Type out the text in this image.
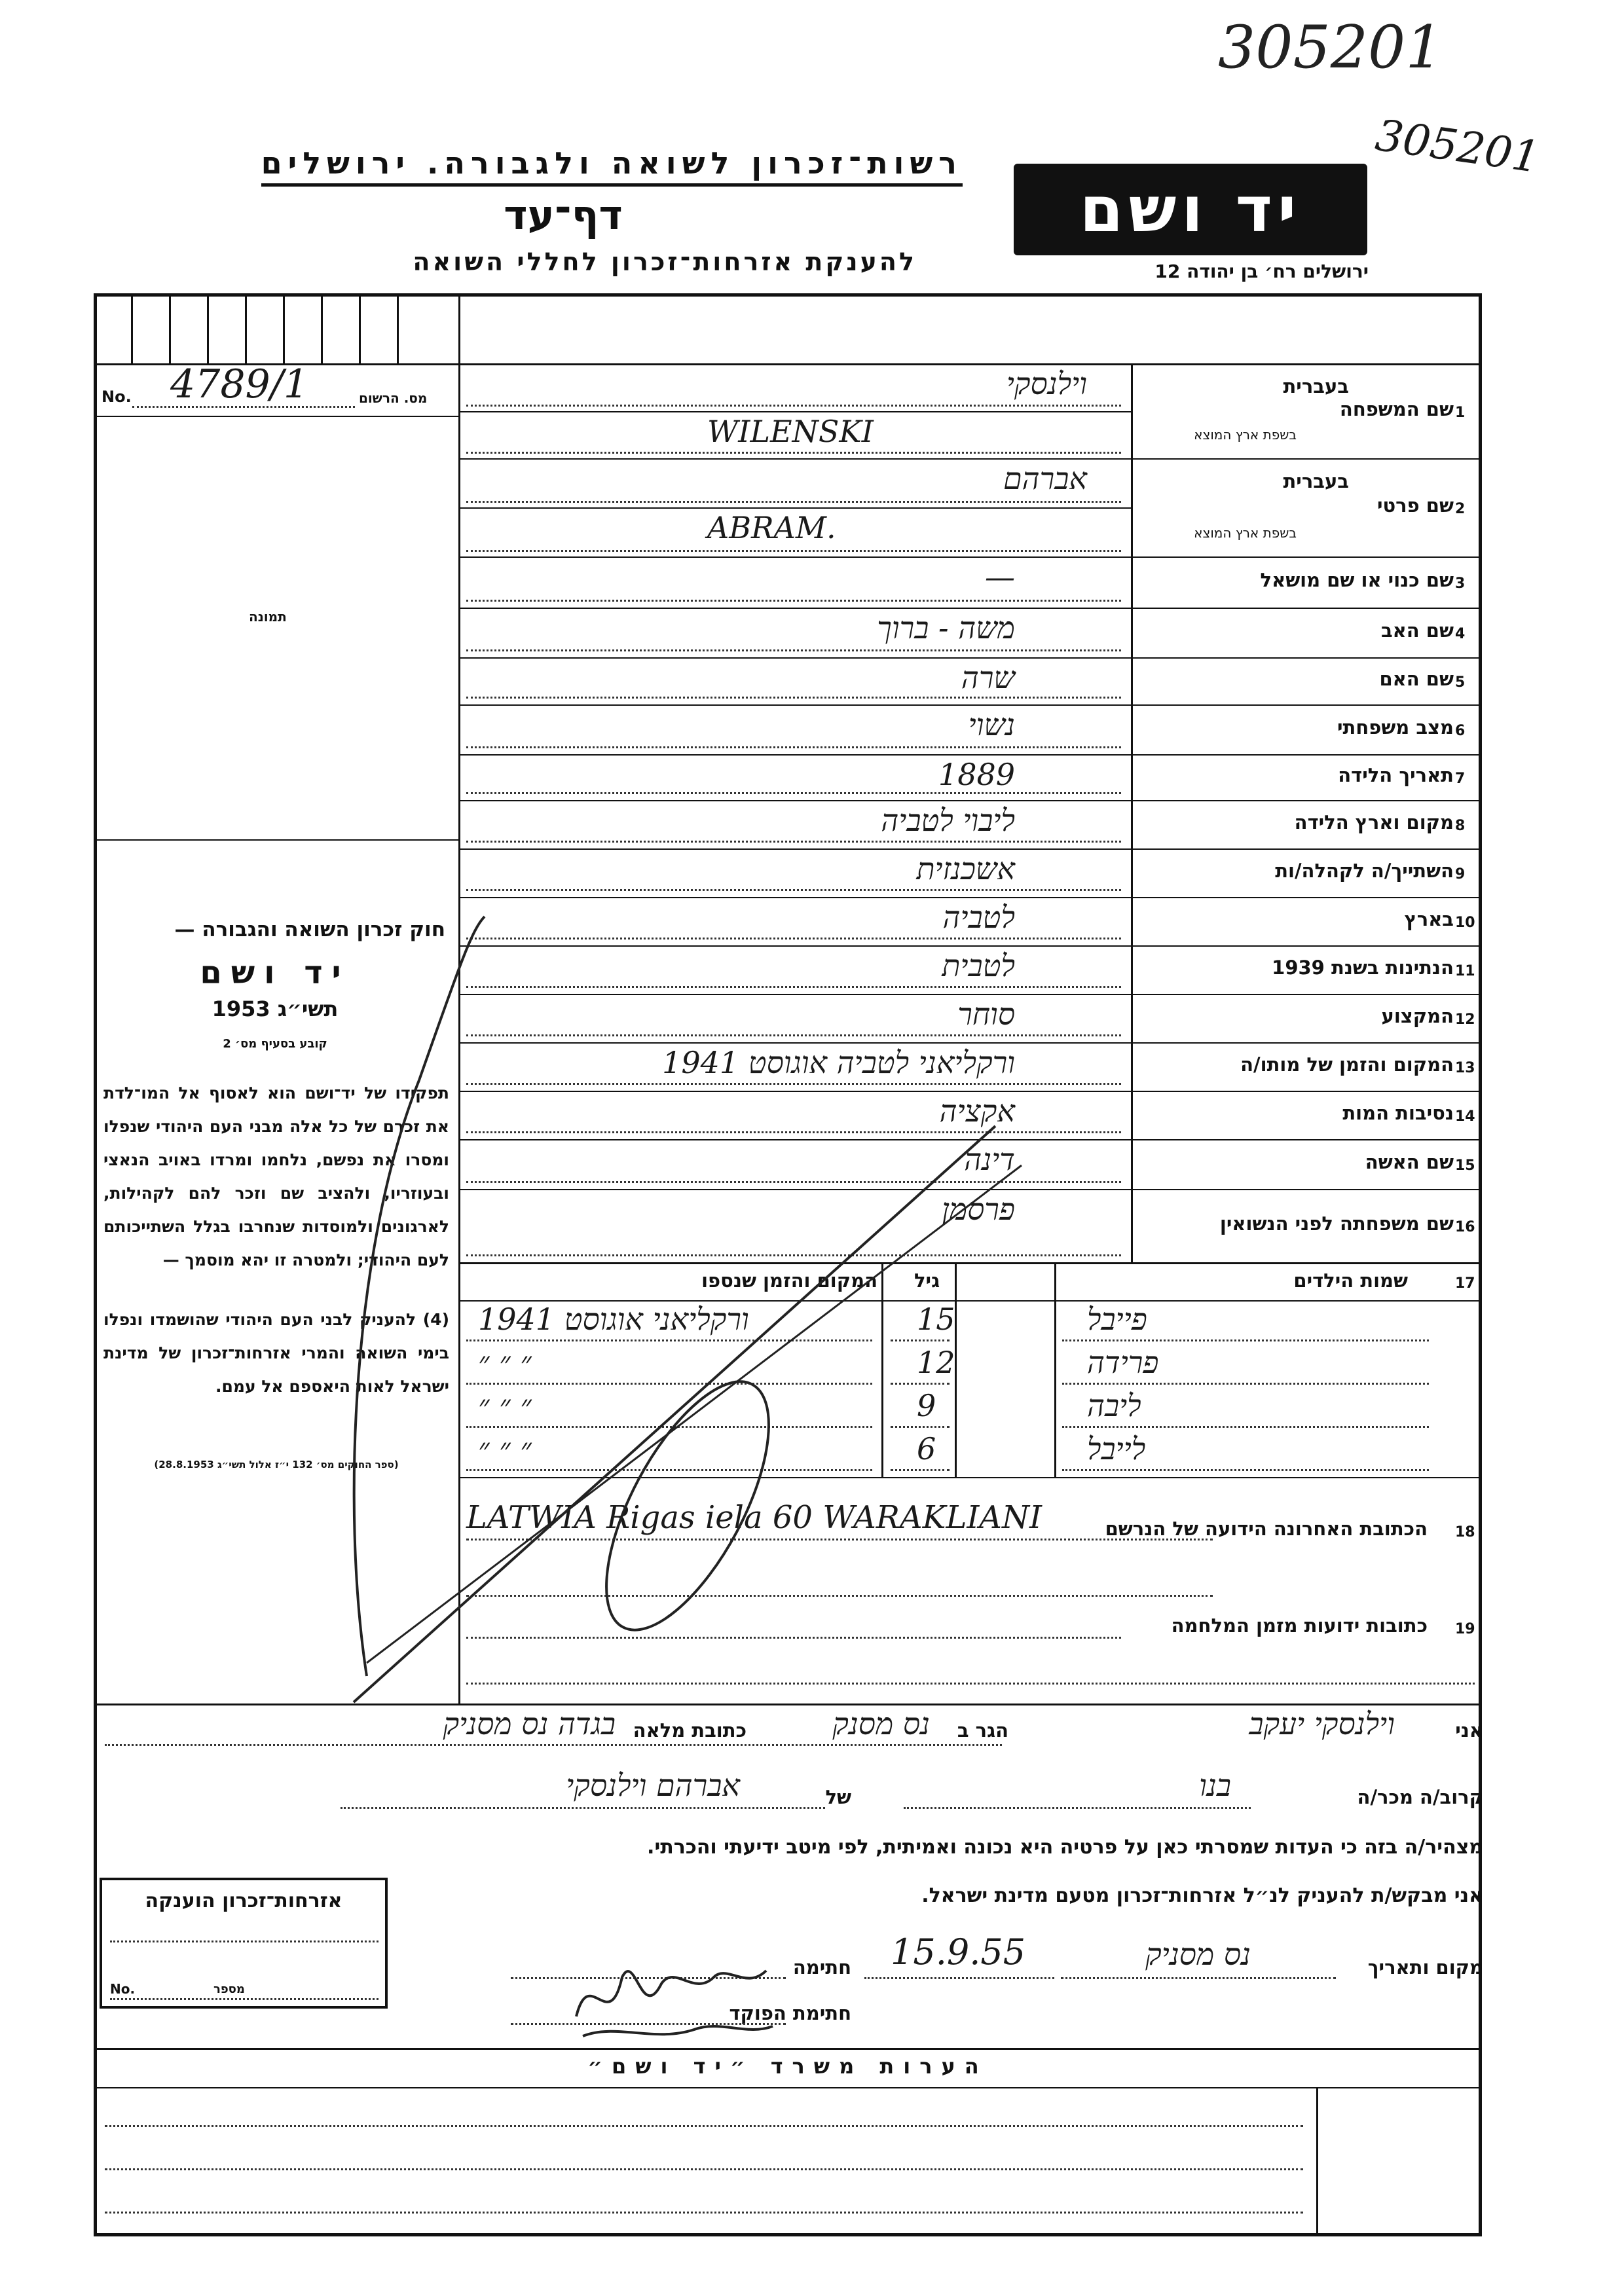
305201
305201
רשות־זכרון לשואה ולגבורה. ירושלים
דף־עד
להענקת אזרחות־זכרון לחללי השואה
יד ושם
ירושלים רח׳ בן יהודה 12
No. 4789/1	מס. הרשום
תמונה
חוק זכרון השואה והגבורה —
יד ושם
תשי״ג 1953
קובע בסעיף מס׳ 2
תפקידו של יד־ושם הוא לאסוף אל המו־לדת את זכרם של כל אלה מבני העם היהודי שנפלו ומסרו את נפשם, נלחמו ומרדו באויב הנאצי ובעוזריו, ולהציב שם וזכר להם לקהילות, לארגונים ולמוסדות שנחרבו בגלל השתייכותם לעם היהודי; ולמטרה זו יהא מוסמך —
(4) להעניק לבני העם היהודי שהושמדו ונפלו בימי השואה והמרי אזרחות־זכרון של מדינת ישראל לאות היאספם אל עמם.
(ספר החוקים מס׳ 132 י״ז אלול תשי״ג 28.8.1953)
1
שם המשפחה
בעברית
בשפת ארץ המוצא
וילנסקי
WILENSKI
2
שם פרטי
בעברית
בשפת ארץ המוצא
אברהם
ABRAM.
3
שם כנוי או שם מושאל
—
4
שם האב
משה - ברוך
5
שם האם
שרה
6
מצב משפחתי
נשוי
7
תאריך הלידה
1889
8
מקום וארץ הלידה
ליבוי לטביה
9
השתייך/ה לקהלה/ות
אשכנזית
10
בארץ
לטביה
11
הנתינות בשנת 1939
לטבית
12
המקצוע
סוחר
13
המקום והזמן של מותו/ה
ורקליאני לטביה אוגוסט 1941
14
נסיבות המות
אקציה
15
שם האשה
דינה
16
שם משפחתה לפני הנשואין
פרסמן
17
שמות הילדים
גיל
המקום והזמן שנספו
פייבל
15
ורקליאני אוגוסט 1941
פרידה
12
״ ״ ״
ליבה
9
״ ״ ״
לייבל
6
״ ״ ״
18
הכתובת האחרונה הידועה של הנרשם
LATWIA Rigas iela 60 WARAKLIANI
19
כתובות ידועות מזמן המלחמה
אני
וילנסקי יעקב
הגר ב
נס מסנק
כתובת מלאה
בגדה נס מסניק
קרוב/ה מכר/ה
בנו
של
אברהם וילנסקי
מצהיר/ה בזה כי העדות שמסרתי כאן על פרטיה היא נכונה ואמיתית, לפי מיטב ידיעתי והכרתי.
אני מבקש/ת להעניק לנ״ל אזרחות־זכרון מטעם מדינת ישראל.
מקום ותאריך
נס מסניק
15.9.55
חתימה
חתימת הפוקד
אזרחות־זכרון הוענקה
No.	מספר
הערות משרד ״יד ושם״
